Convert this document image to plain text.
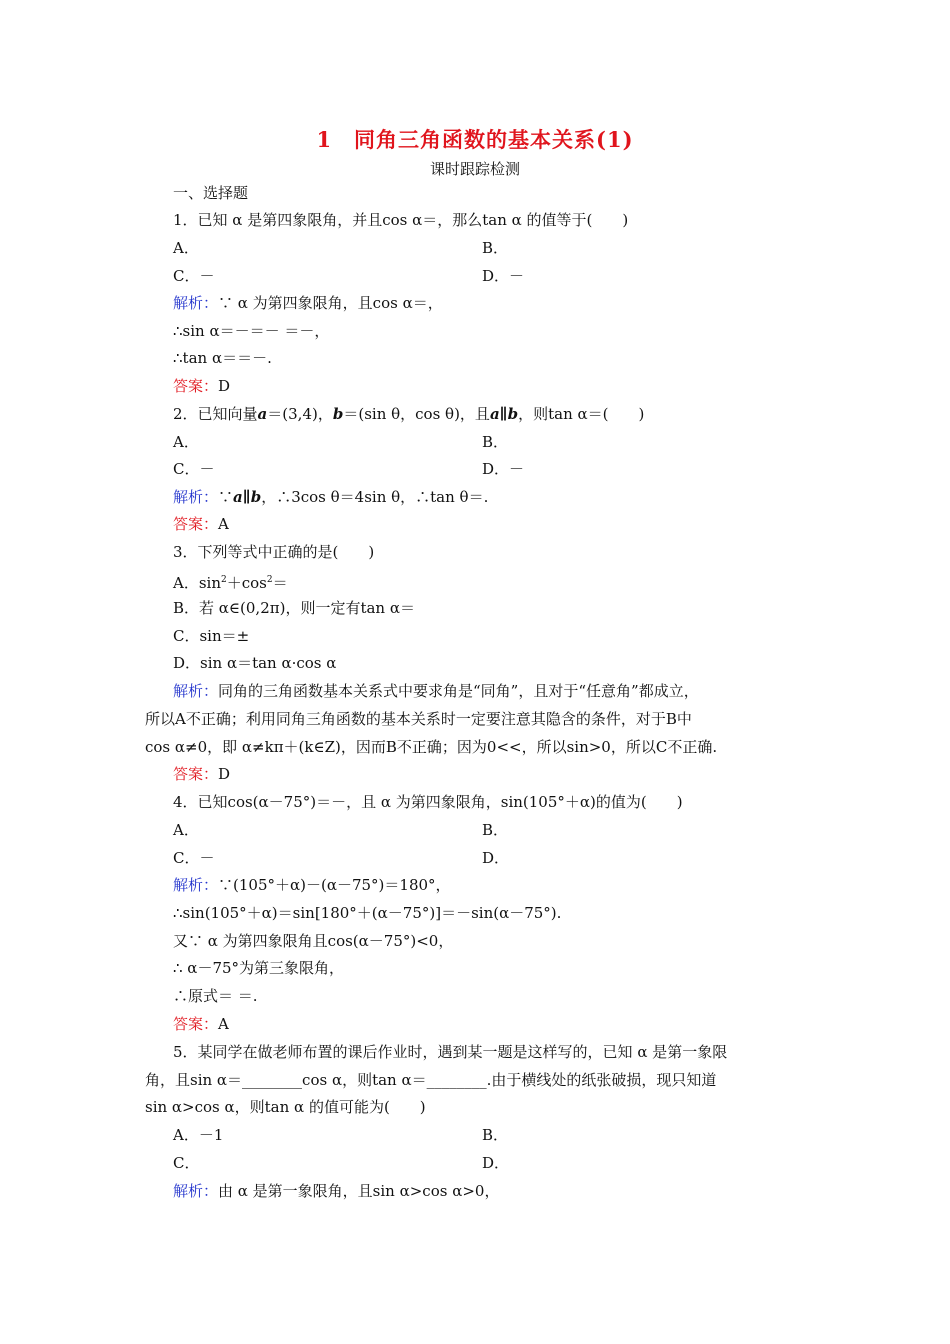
1　同角三角函数的基本关系(1)
课时跟踪检测
一、选择题
1．已知 α 是第四象限角，并且cos α＝，那么tan α 的值等于(　　)
A．	B．
C．－	D．－
解析：∵ α 为第四象限角，且cos α＝，
∴sin α＝－＝－ ＝－，
∴tan α＝＝－.
答案：D
2．已知向量a＝(3,4)，b＝(sin θ，cos θ)，且a∥b，则tan α＝(　　)
A．	B．
C．－	D．－
解析：∵a∥b，∴3cos θ＝4sin θ，∴tan θ＝.
答案：A
3．下列等式中正确的是(　　)
A．$\sin^2+\cos^2=$
B．若 α∈(0,2π)，则一定有tan α＝
C．sin＝±
D．sin α＝tan α·cos α
解析：同角的三角函数基本关系式中要求角是“同角”，且对于“任意角”都成立，
所以A不正确；利用同角三角函数的基本关系时一定要注意其隐含的条件，对于B中
cos α≠0，即 α≠kπ＋(k∈Z)，因而B不正确；因为0<<，所以sin>0，所以C不正确.
答案：D
4．已知cos(α－75°)＝－，且 α 为第四象限角，sin(105°＋α)的值为(　　)
A．	B．
C．－	D．
解析：∵(105°＋α)－(α－75°)＝180°，
∴sin(105°＋α)＝sin[180°＋(α－75°)]＝－sin(α－75°).
又∵ α 为第四象限角且cos(α－75°)<0，
∴ α－75°为第三象限角，
∴原式＝ ＝.
答案：A
5．某同学在做老师布置的课后作业时，遇到某一题是这样写的，已知 α 是第一象限
角，且sin α＝________cos α，则tan α＝________.由于横线处的纸张破损，现只知道
sin α>cos α，则tan α 的值可能为(　　)
A．－1	B．
C．	D．
解析：由 α 是第一象限角，且sin α>cos α>0，
